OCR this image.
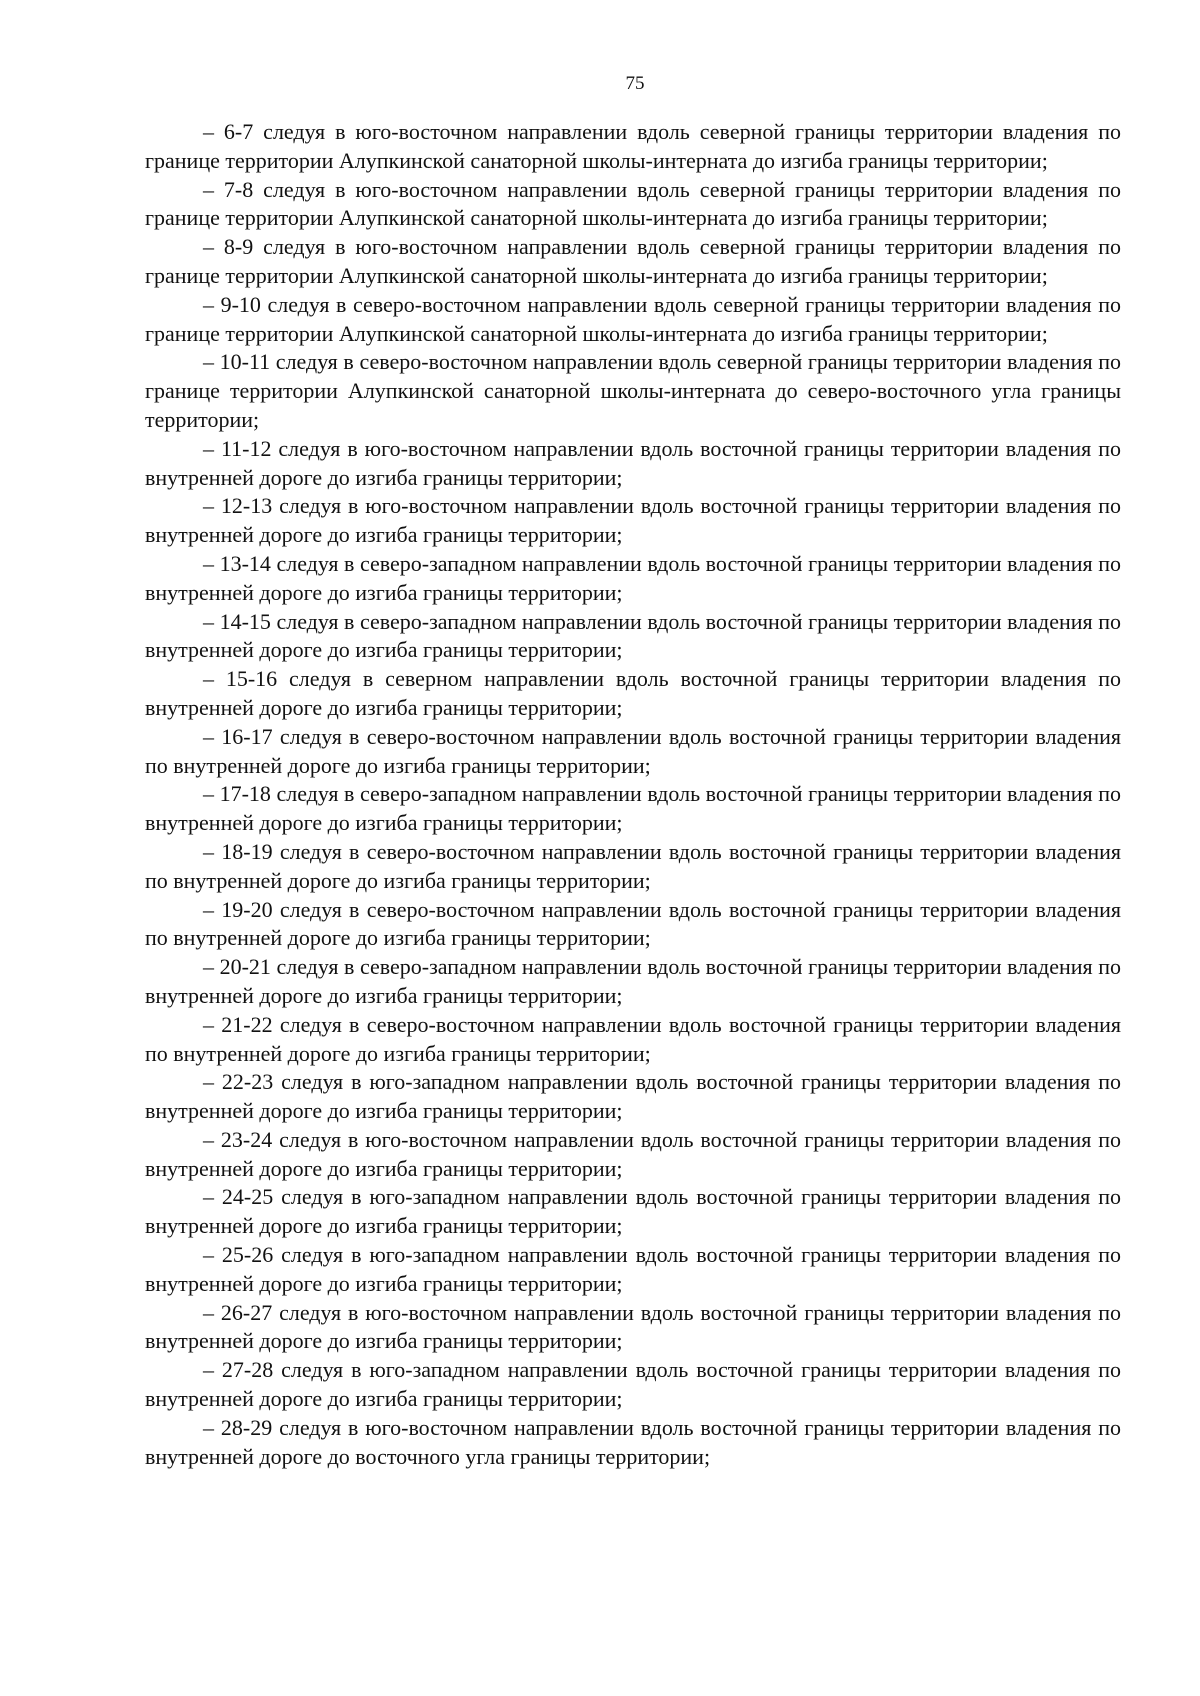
75

– 6-7 следуя в юго-восточном направлении вдоль северной границы территории владения по границе территории Алупкинской санаторной школы-интерната до изгиба границы территории;

– 7-8 следуя в юго-восточном направлении вдоль северной границы территории владения по границе территории Алупкинской санаторной школы-интерната до изгиба границы территории;

– 8-9 следуя в юго-восточном направлении вдоль северной границы территории владения по границе территории Алупкинской санаторной школы-интерната до изгиба границы территории;

– 9-10 следуя в северо-восточном направлении вдоль северной границы территории владения по границе территории Алупкинской санаторной школы-интерната до изгиба границы территории;

– 10-11 следуя в северо-восточном направлении вдоль северной границы территории владения по границе территории Алупкинской санаторной школы-интерната до северо-восточного угла границы территории;

– 11-12 следуя в юго-восточном направлении вдоль восточной границы территории владения по внутренней дороге до изгиба границы территории;

– 12-13 следуя в юго-восточном направлении вдоль восточной границы территории владения по внутренней дороге до изгиба границы территории;

– 13-14 следуя в северо-западном направлении вдоль восточной границы территории владения по внутренней дороге до изгиба границы территории;

– 14-15 следуя в северо-западном направлении вдоль восточной границы территории владения по внутренней дороге до изгиба границы территории;

– 15-16 следуя в северном направлении вдоль восточной границы территории владения по внутренней дороге до изгиба границы территории;

– 16-17 следуя в северо-восточном направлении вдоль восточной границы территории владения по внутренней дороге до изгиба границы территории;

– 17-18 следуя в северо-западном направлении вдоль восточной границы территории владения по внутренней дороге до изгиба границы территории;

– 18-19 следуя в северо-восточном направлении вдоль восточной границы территории владения по внутренней дороге до изгиба границы территории;

– 19-20 следуя в северо-восточном направлении вдоль восточной границы территории владения по внутренней дороге до изгиба границы территории;

– 20-21 следуя в северо-западном направлении вдоль восточной границы территории владения по внутренней дороге до изгиба границы территории;

– 21-22 следуя в северо-восточном направлении вдоль восточной границы территории владения по внутренней дороге до изгиба границы территории;

– 22-23 следуя в юго-западном направлении вдоль восточной границы территории владения по внутренней дороге до изгиба границы территории;

– 23-24 следуя в юго-восточном направлении вдоль восточной границы территории владения по внутренней дороге до изгиба границы территории;

– 24-25 следуя в юго-западном направлении вдоль восточной границы территории владения по внутренней дороге до изгиба границы территории;

– 25-26 следуя в юго-западном направлении вдоль восточной границы территории владения по внутренней дороге до изгиба границы территории;

– 26-27 следуя в юго-восточном направлении вдоль восточной границы территории владения по внутренней дороге до изгиба границы территории;

– 27-28 следуя в юго-западном направлении вдоль восточной границы территории владения по внутренней дороге до изгиба границы территории;

– 28-29 следуя в юго-восточном направлении вдоль восточной границы территории владения по внутренней дороге до восточного угла границы территории;
